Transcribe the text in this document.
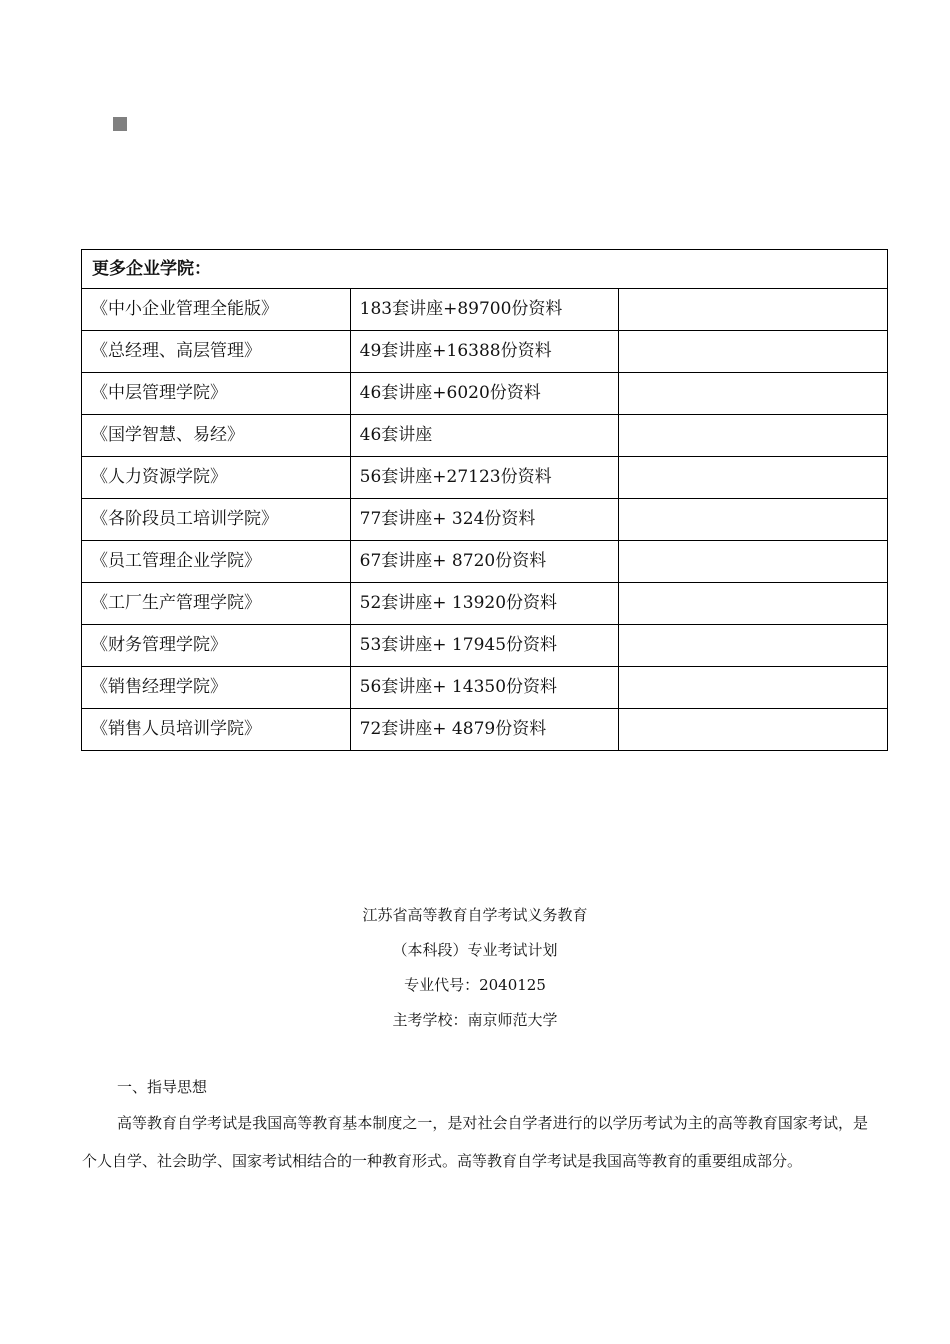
更多企业学院：		
《中小企业管理全能版》	183套讲座+89700份资料	
《总经理、高层管理》	49套讲座+16388份资料	
《中层管理学院》	46套讲座+6020份资料	
《国学智慧、易经》	46套讲座	
《人力资源学院》	56套讲座+27123份资料	
《各阶段员工培训学院》	77套讲座+ 324份资料	
《员工管理企业学院》	67套讲座+ 8720份资料	
《工厂生产管理学院》	52套讲座+ 13920份资料	
《财务管理学院》	53套讲座+ 17945份资料	
《销售经理学院》	56套讲座+ 14350份资料	
《销售人员培训学院》	72套讲座+ 4879份资料	
江苏省高等教育自学考试义务教育
（本科段）专业考试计划
专业代号：2040125
主考学校：南京师范大学
一、指导思想
高等教育自学考试是我国高等教育基本制度之一，是对社会自学者进行的以学历考试为主的高等教育国家考试，是个人自学、社会助学、国家考试相结合的一种教育形式。高等教育自学考试是我国高等教育的重要组成部分。
